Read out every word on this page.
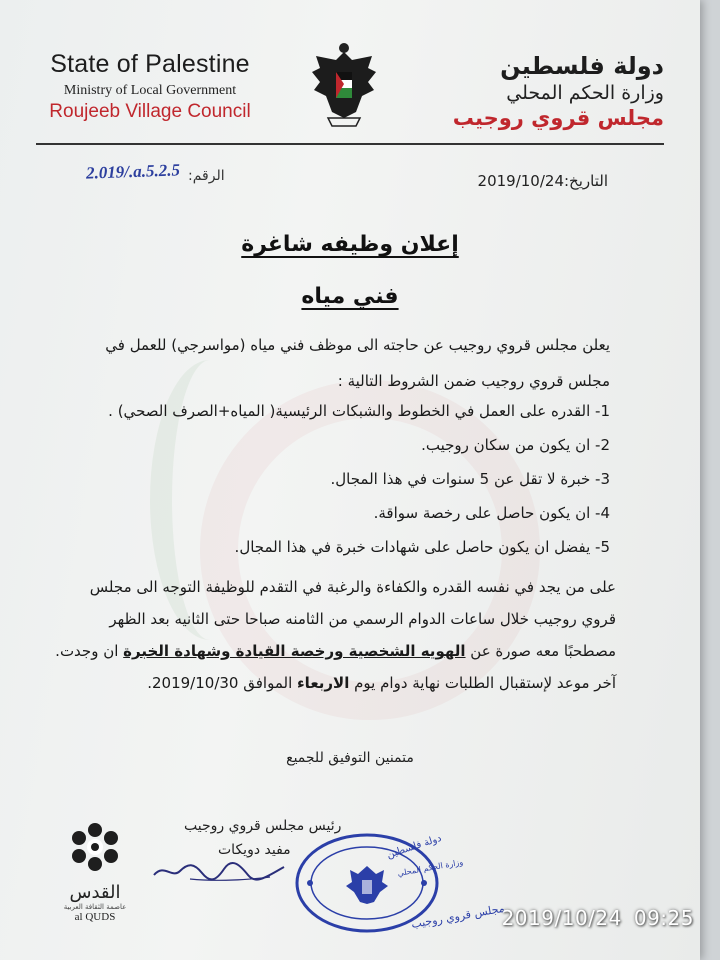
State of Palestine
Ministry of Local Government
Roujeeb Village Council
دولة فلسطين
وزارة الحكم المحلي
مجلس قروي روجيب
2.019/.a.5.2.5 الرقم:	التاريخ:2019/10/24
إعلان وظيفه شاغرة
فني مياه
يعلن مجلس قروي روجيب عن حاجته الى موظف فني مياه (مواسرجي) للعمل في
مجلس قروي روجيب ضمن الشروط التالية :
1- القدره على العمل في الخطوط والشبكات الرئيسية( المياه+الصرف الصحي) .
2- ان يكون من سكان روجيب.
3- خبرة لا تقل عن 5 سنوات في هذا المجال.
4- ان يكون حاصل على رخصة سواقة.
5- يفضل ان يكون حاصل على شهادات خبرة في هذا المجال.
على من يجد في نفسه القدره والكفاءة والرغبة في التقدم للوظيفة التوجه الى مجلس
قروي روجيب خلال ساعات الدوام الرسمي من الثامنه صباحا حتى الثانيه بعد الظهر
مصطحبًا معه صورة عن الهويه الشخصية ورخصة القيادة وشهادة الخبرة ان وجدت.
آخر موعد لإستقبال الطلبات نهاية دوام يوم الاربعاء الموافق 2019/10/30.
متمنين التوفيق للجميع
القدس
عاصمة الثقافة العربية
al QUDS
رئيس مجلس قروي روجيب
مفيد دويكات	دولة فلسطين
وزارة الحكم المحلي
مجلس قروي روجيب
2019/10/24 09:25
